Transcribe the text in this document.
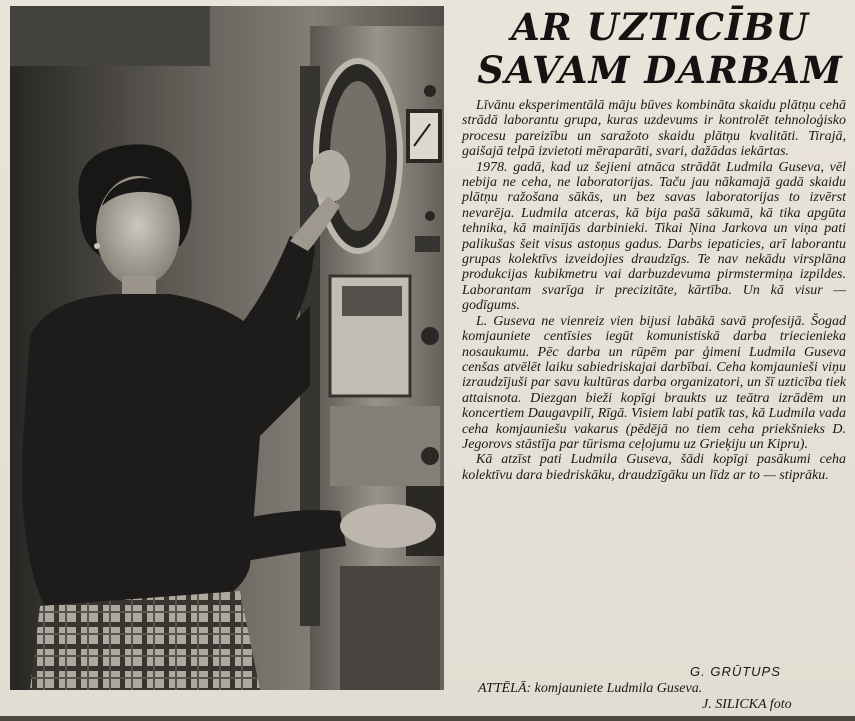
AR UZTICĪBU
SAVAM DARBAM

Līvānu eksperimentālā māju būves kombināta skaidu plātņu cehā strādā laborantu grupa, kuras uzdevums ir kontrolēt tehnoloģisko procesu pareizību un saražoto skaidu plātņu kvalitāti. Tirajā, gaišajā telpā izvietoti mēraparāti, svari, dažādas iekārtas.

1978. gadā, kad uz šejieni atnāca strādāt Ludmila Guseva, vēl nebija ne ceha, ne laboratorijas. Taču jau nākamajā gadā skaidu plātņu ražošana sākās, un bez savas laboratorijas to izvērst nevarēja. Ludmila atceras, kā bija pašā sākumā, kā tika apgūta tehnika, kā mainījās darbinieki. Tikai Ņina Jarkova un viņa pati palikušas šeit visus astoņus gadus. Darbs iepaticies, arī laborantu grupas kolektīvs izveidojies draudzīgs. Te nav nekādu virsplāna produkcijas kubikmetru vai darbuzdevuma pirmstermiņa izpildes. Laborantam svarīga ir precizitāte, kārtība. Un kā visur — godīgums.

L. Guseva ne vienreiz vien bijusi labākā savā profesijā. Šogad komjauniete centīsies iegūt komunistiskā darba triecienieka nosaukumu. Pēc darba un rūpēm par ģimeni Ludmila Guseva cenšas atvēlēt laiku sabiedriskajai darbībai. Ceha komjaunieši viņu izraudzījuši par savu kultūras darba organizatori, un šī uzticība tiek attaisnota. Diezgan bieži kopīgi braukts uz teātra izrādēm un koncertiem Daugavpilī, Rīgā. Visiem labi patīk tas, kā Ludmila vada ceha komjauniešu vakarus (pēdējā no tiem ceha priekšnieks D. Jegorovs stāstīja par tūrisma ceļojumu uz Grieķiju un Kipru).

Kā atzīst pati Ludmila Guseva, šādi kopīgi pasākumi ceha kolektīvu dara biedriskāku, draudzīgāku un līdz ar to — stiprāku.

G. GRŪTUPS
ATTĒLĀ: komjauniete Ludmila Guseva.
J. SILICKA foto
